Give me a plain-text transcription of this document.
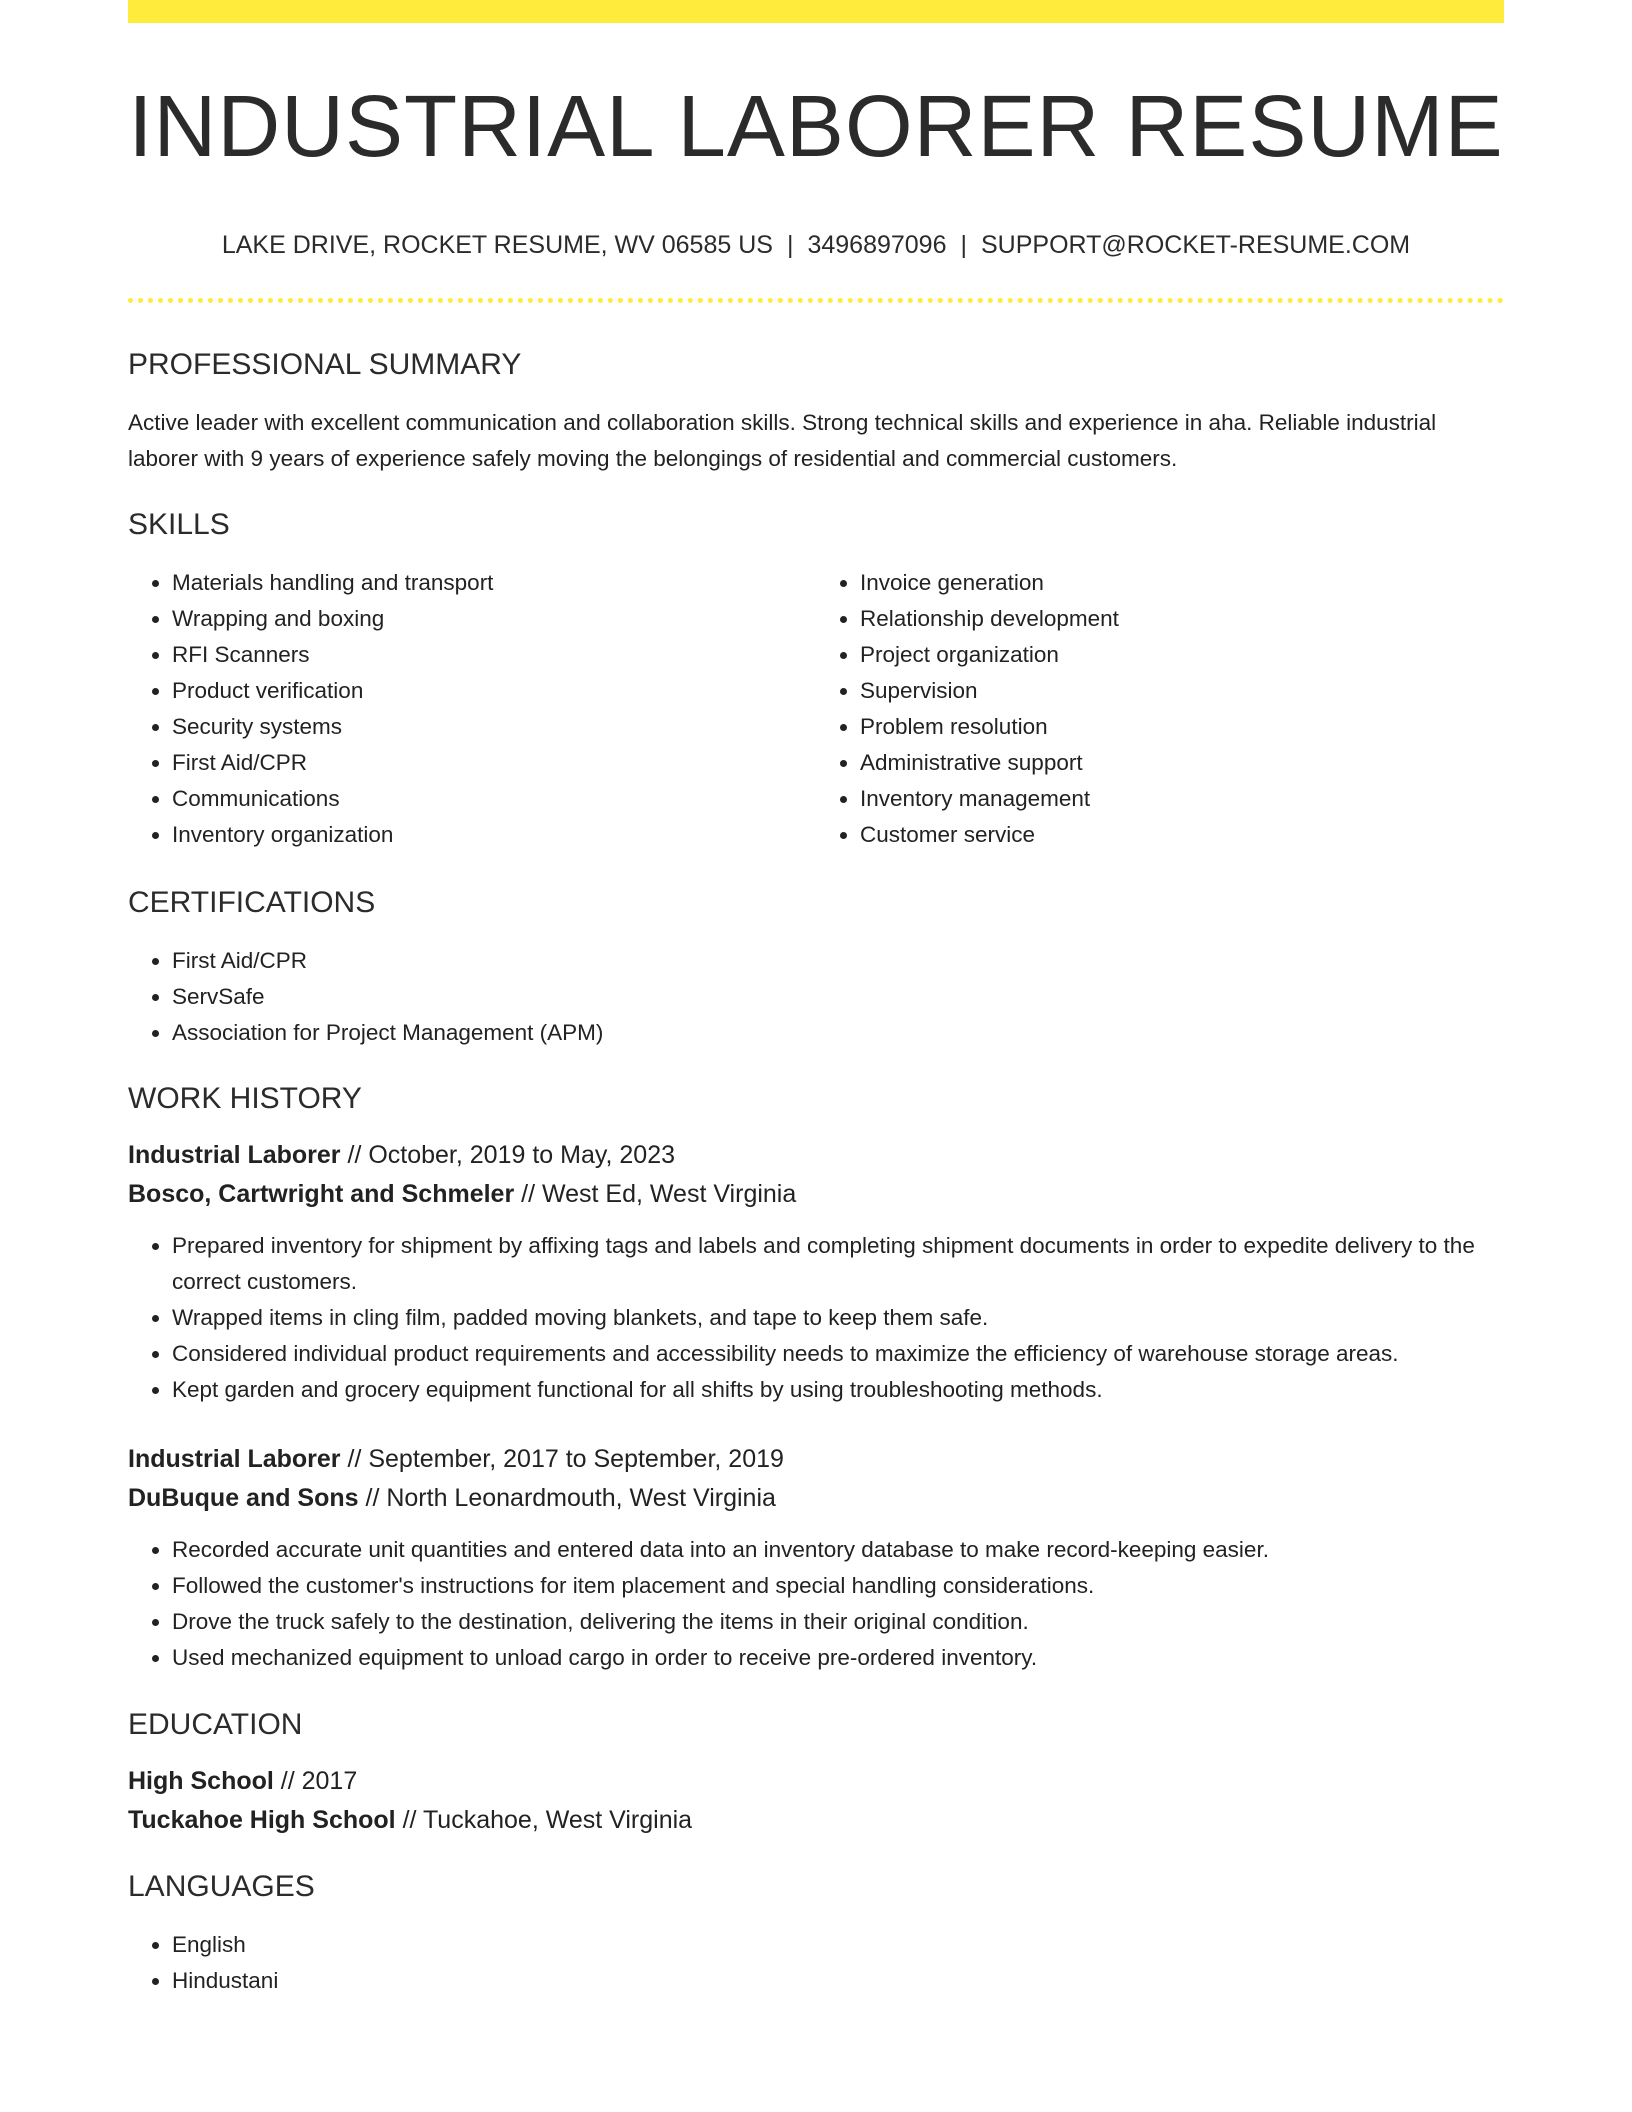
INDUSTRIAL LABORER RESUME
LAKE DRIVE, ROCKET RESUME, WV 06585 US | 3496897096 | SUPPORT@ROCKET-RESUME.COM
PROFESSIONAL SUMMARY

Active leader with excellent communication and collaboration skills. Strong technical skills and experience in aha. Reliable industrial laborer with 9 years of experience safely moving the belongings of residential and commercial customers.

SKILLS
• Materials handling and transport
• Wrapping and boxing
• RFI Scanners
• Product verification
• Security systems
• First Aid/CPR
• Communications
• Inventory organization
• Invoice generation
• Relationship development
• Project organization
• Supervision
• Problem resolution
• Administrative support
• Inventory management
• Customer service
CERTIFICATIONS
• First Aid/CPR
• ServSafe
• Association for Project Management (APM)
WORK HISTORY

Industrial Laborer // October, 2019 to May, 2023

Bosco, Cartwright and Schmeler // West Ed, West Virginia

• Prepared inventory for shipment by affixing tags and labels and completing shipment documents in order to expedite delivery to the correct customers.
• Wrapped items in cling film, padded moving blankets, and tape to keep them safe.
• Considered individual product requirements and accessibility needs to maximize the efficiency of warehouse storage areas.
• Kept garden and grocery equipment functional for all shifts by using troubleshooting methods.

Industrial Laborer // September, 2017 to September, 2019

DuBuque and Sons // North Leonardmouth, West Virginia

• Recorded accurate unit quantities and entered data into an inventory database to make record-keeping easier.
• Followed the customer's instructions for item placement and special handling considerations.
• Drove the truck safely to the destination, delivering the items in their original condition.
• Used mechanized equipment to unload cargo in order to receive pre-ordered inventory.
EDUCATION

High School // 2017

Tuckahoe High School // Tuckahoe, West Virginia

LANGUAGES
• English
• Hindustani
